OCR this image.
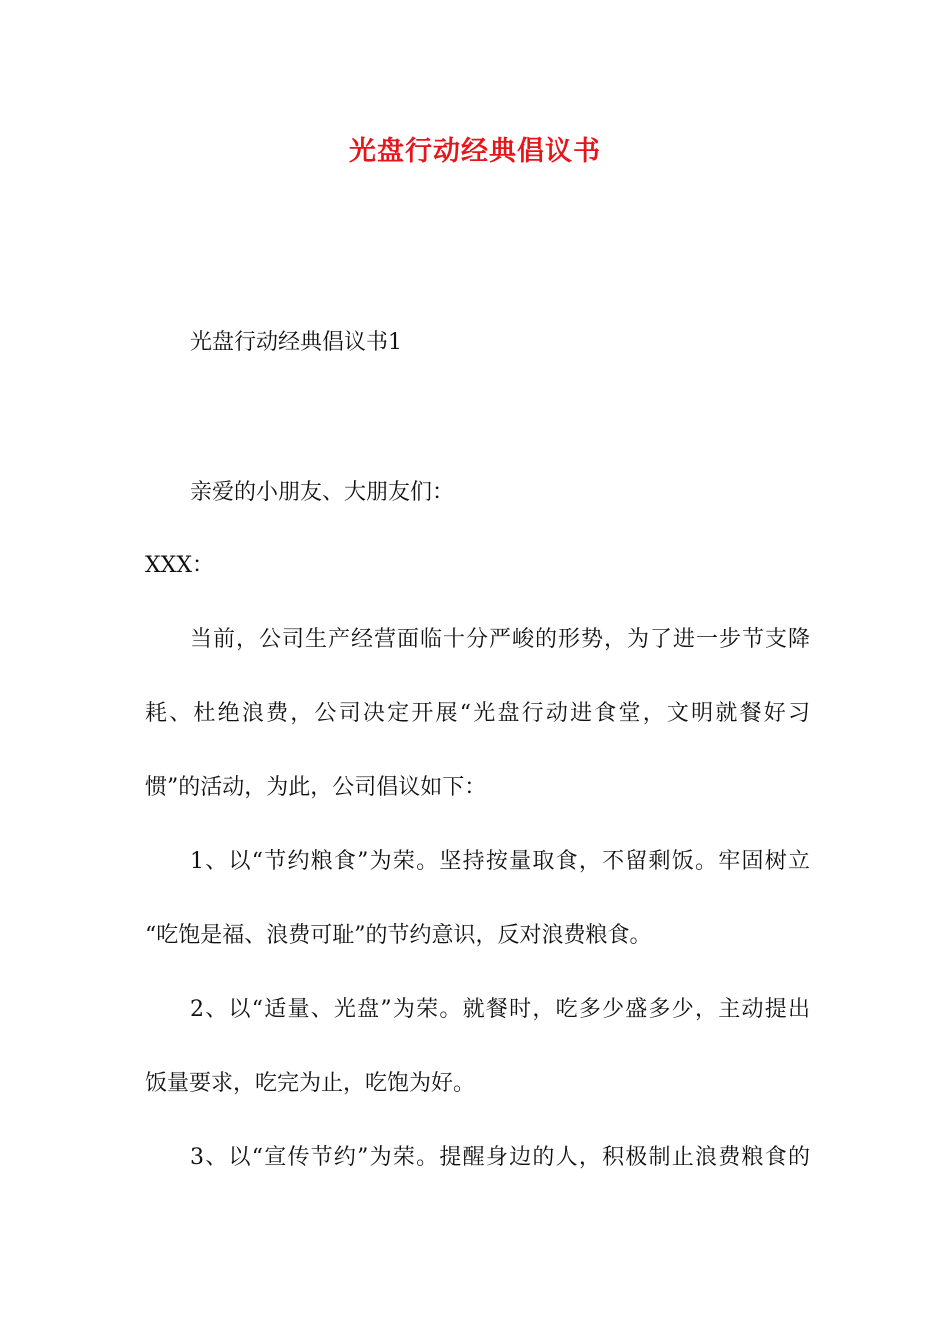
光盘行动经典倡议书
光盘行动经典倡议书1
亲爱的小朋友、大朋友们：
XXX：
当前，公司生产经营面临十分严峻的形势，为了进一步节支降
耗、杜绝浪费，公司决定开展“光盘行动进食堂，文明就餐好习
惯”的活动，为此，公司倡议如下：
1、以“节约粮食”为荣。坚持按量取食，不留剩饭。牢固树立
“吃饱是福、浪费可耻”的节约意识，反对浪费粮食。
2、以“适量、光盘”为荣。就餐时，吃多少盛多少，主动提出
饭量要求，吃完为止，吃饱为好。
3、以“宣传节约”为荣。提醒身边的人，积极制止浪费粮食的
